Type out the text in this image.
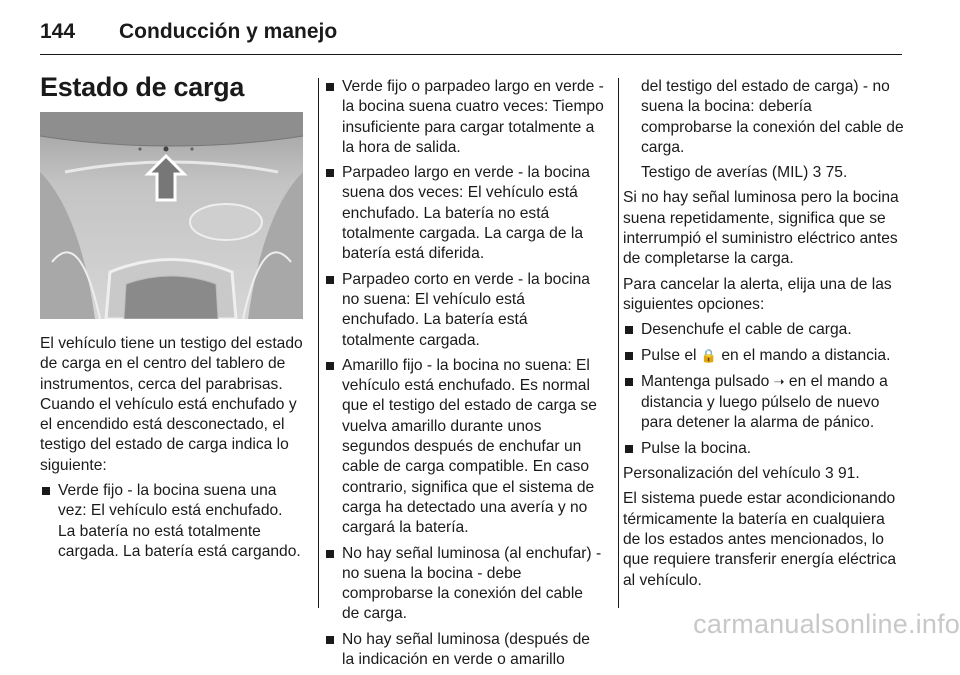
144 Conducción y manejo
Estado de carga

El vehículo tiene un testigo del estado de carga en el centro del tablero de instrumentos, cerca del parabrisas. Cuando el vehículo está enchufado y el encendido está desconectado, el testigo del estado de carga indica lo siguiente:

Verde fijo - la bocina suena una vez: El vehículo está enchufado. La batería no está totalmente cargada. La batería está cargando.
Verde fijo o parpadeo largo en verde - la bocina suena cuatro veces: Tiempo insuficiente para cargar totalmente a la hora de salida.
Parpadeo largo en verde - la bocina suena dos veces: El vehículo está enchufado. La batería no está totalmente cargada. La carga de la batería está diferida.
Parpadeo corto en verde - la bocina no suena: El vehículo está enchufado. La batería está totalmente cargada.
Amarillo fijo - la bocina no suena: El vehículo está enchufado. Es normal que el testigo del estado de carga se vuelva amarillo durante unos segundos después de enchufar un cable de carga compatible. En caso contrario, significa que el sistema de carga ha detectado una avería y no cargará la batería.
No hay señal luminosa (al enchufar) - no suena la bocina - debe comprobarse la conexión del cable de carga.
No hay señal luminosa (después de la indicación en verde o amarillo

del testigo del estado de carga) - no suena la bocina: debería comprobarse la conexión del cable de carga.

Testigo de averías (MIL) 3 75.

Si no hay señal luminosa pero la bocina suena repetidamente, significa que se interrumpió el suministro eléctrico antes de completarse la carga.

Para cancelar la alerta, elija una de las siguientes opciones:

Desenchufe el cable de carga.
Pulse el 🔒 en el mando a distancia.
Mantenga pulsado ➝ en el mando a distancia y luego púlselo de nuevo para detener la alarma de pánico.
Pulse la bocina.

Personalización del vehículo 3 91.

El sistema puede estar acondicionando térmicamente la batería en cualquiera de los estados antes mencionados, lo que requiere transferir energía eléctrica al vehículo.

carmanualsonline.info
